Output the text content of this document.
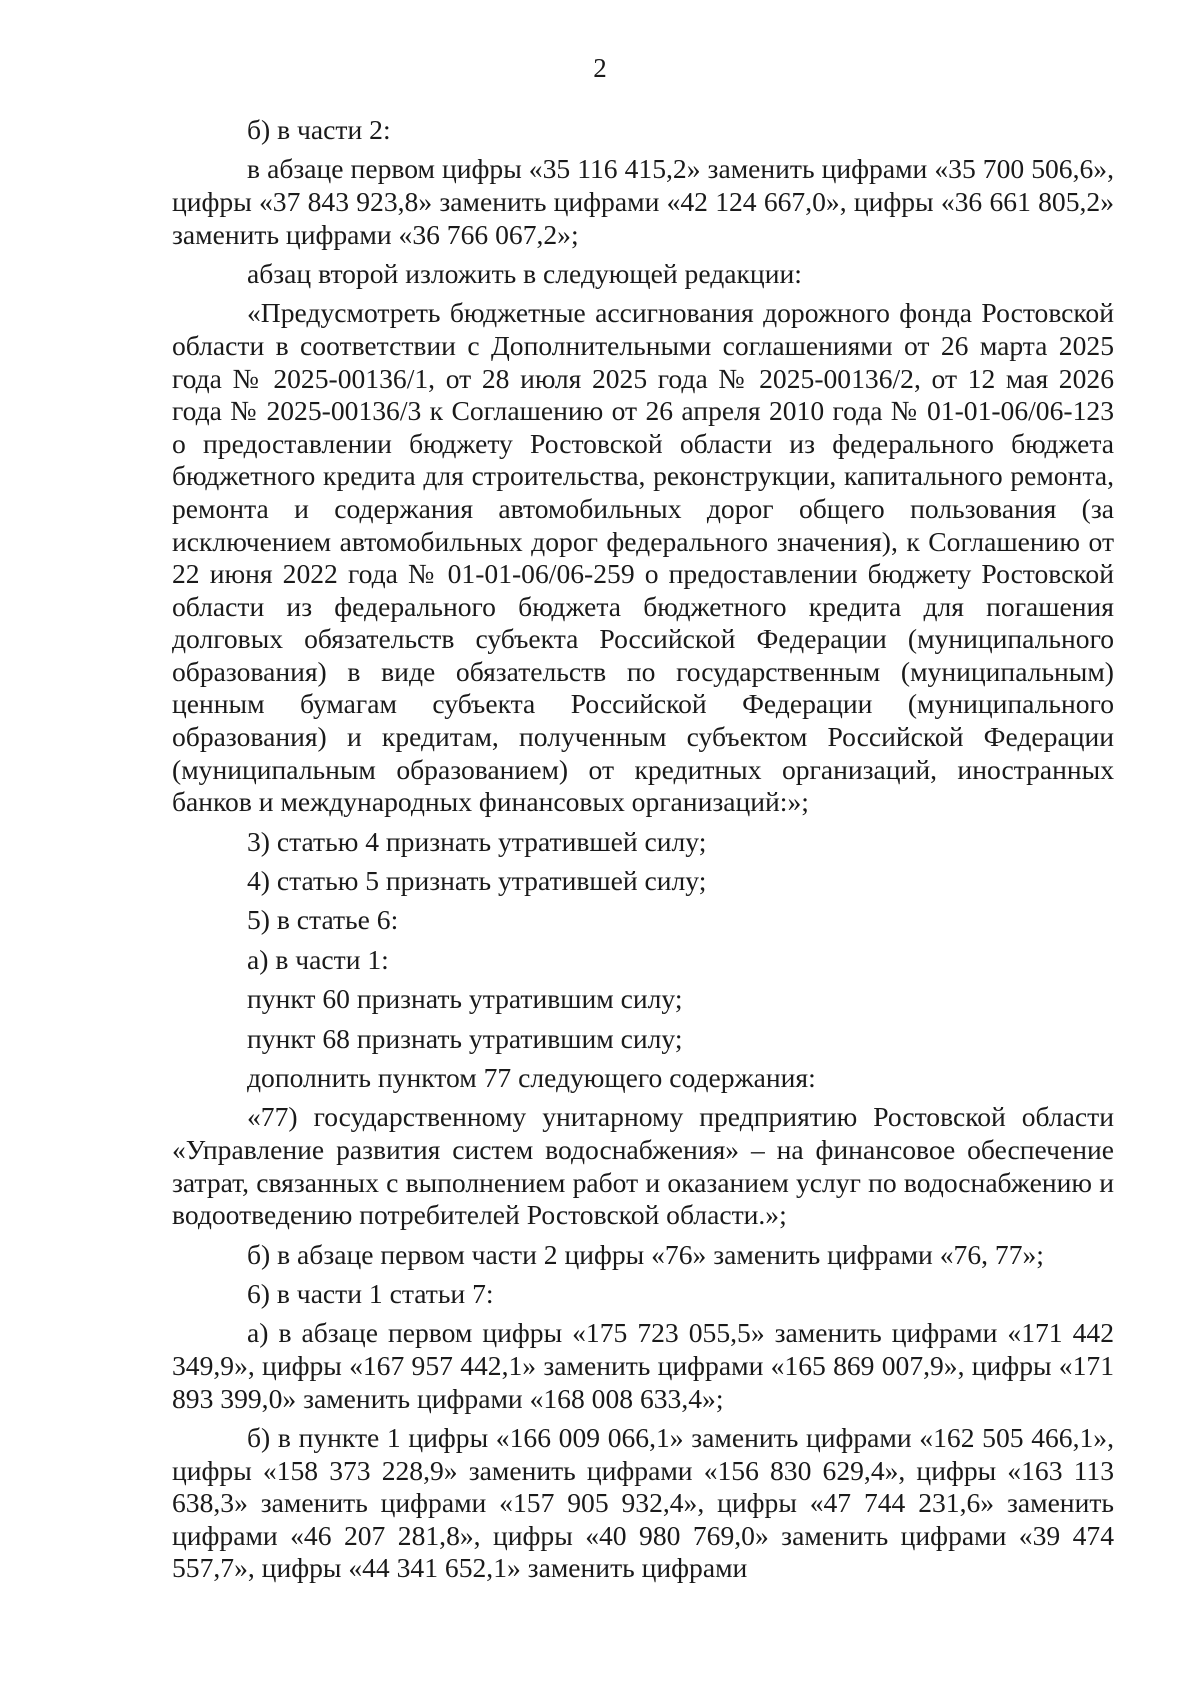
2

б) в части 2:

в абзаце первом цифры «35 116 415,2» заменить цифрами «35 700 506,6», цифры «37 843 923,8» заменить цифрами «42 124 667,0», цифры «36 661 805,2» заменить цифрами «36 766 067,2»;

абзац второй изложить в следующей редакции:

«Предусмотреть бюджетные ассигнования дорожного фонда Ростовской области в соответствии с Дополнительными соглашениями от 26 марта 2025 года № 2025-00136/1, от 28 июля 2025 года № 2025-00136/2, от 12 мая 2026 года № 2025-00136/3 к Соглашению от 26 апреля 2010 года № 01-01-06/06-123 о предоставлении бюджету Ростовской области из федерального бюджета бюджетного кредита для строительства, реконструкции, капитального ремонта, ремонта и содержания автомобильных дорог общего пользования (за исключением автомобильных дорог федерального значения), к Соглашению от 22 июня 2022 года № 01-01-06/06-259 о предоставлении бюджету Ростовской области из федерального бюджета бюджетного кредита для погашения долговых обязательств субъекта Российской Федерации (муниципального образования) в виде обязательств по государственным (муниципальным) ценным бумагам субъекта Российской Федерации (муниципального образования) и кредитам, полученным субъектом Российской Федерации (муниципальным образованием) от кредитных организаций, иностранных банков и международных финансовых организаций:»;

3) статью 4 признать утратившей силу;

4) статью 5 признать утратившей силу;

5) в статье 6:

а) в части 1:

пункт 60 признать утратившим силу;

пункт 68 признать утратившим силу;

дополнить пунктом 77 следующего содержания:

«77) государственному унитарному предприятию Ростовской области «Управление развития систем водоснабжения» – на финансовое обеспечение затрат, связанных с выполнением работ и оказанием услуг по водоснабжению и водоотведению потребителей Ростовской области.»;

б) в абзаце первом части 2 цифры «76» заменить цифрами «76, 77»;

6) в части 1 статьи 7:

а) в абзаце первом цифры «175 723 055,5» заменить цифрами «171 442 349,9», цифры «167 957 442,1» заменить цифрами «165 869 007,9», цифры «171 893 399,0» заменить цифрами «168 008 633,4»;

б) в пункте 1 цифры «166 009 066,1» заменить цифрами «162 505 466,1», цифры «158 373 228,9» заменить цифрами «156 830 629,4», цифры «163 113 638,3» заменить цифрами «157 905 932,4», цифры «47 744 231,6» заменить цифрами «46 207 281,8», цифры «40 980 769,0» заменить цифрами «39 474 557,7», цифры «44 341 652,1» заменить цифрами
